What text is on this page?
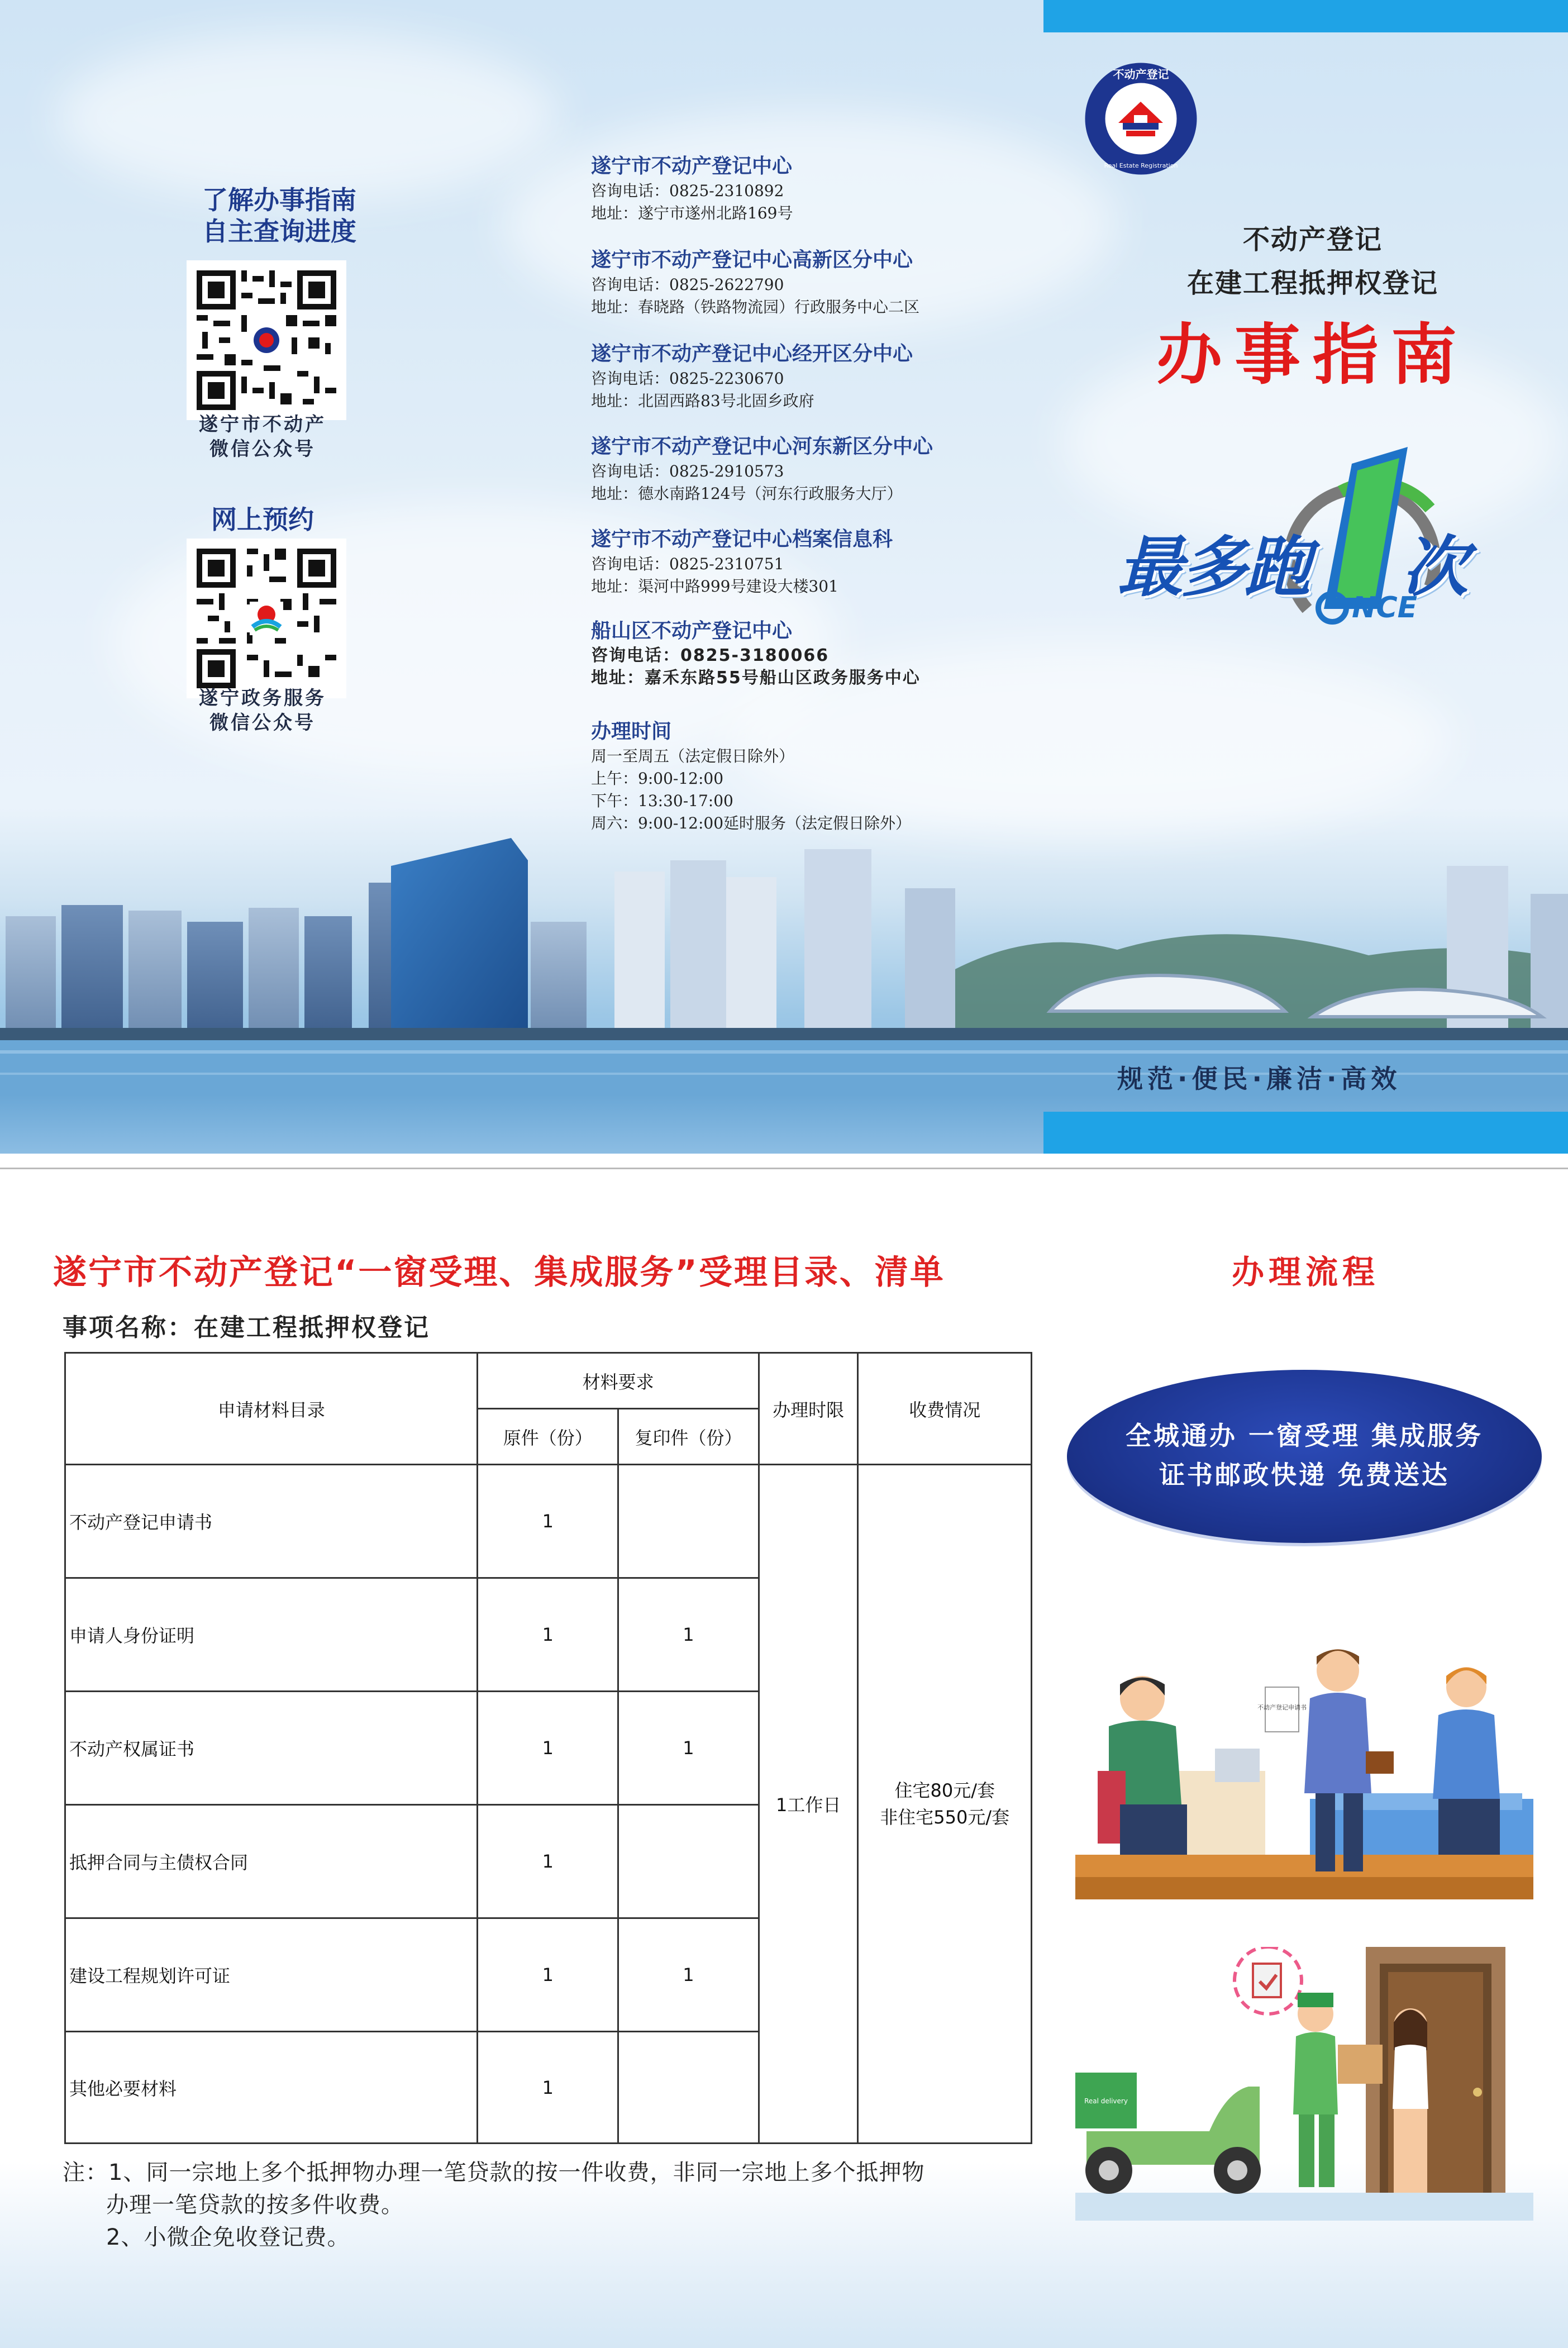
了解办事指南
自主查询进度
遂宁市不动产
微信公众号
网上预约
遂宁政务服务
微信公众号
遂宁市不动产登记中心
咨询电话：0825-2310892
地址：遂宁市遂州北路169号
遂宁市不动产登记中心高新区分中心
咨询电话：0825-2622790
地址：春晓路（铁路物流园）行政服务中心二区
遂宁市不动产登记中心经开区分中心
咨询电话：0825-2230670
地址：北固西路83号北固乡政府
遂宁市不动产登记中心河东新区分中心
咨询电话：0825-2910573
地址：德水南路124号（河东行政服务大厅）
遂宁市不动产登记中心档案信息科
咨询电话：0825-2310751
地址：渠河中路999号建设大楼301
船山区不动产登记中心
咨询电话：0825-3180066
地址：嘉禾东路55号船山区政务服务中心
办理时间
周一至周五（法定假日除外）
上午：9:00-12:00
下午：13:30-17:00
周六：9:00-12:00延时服务（法定假日除外）
不动产登记
Real Estate Registration
不动产登记
在建工程抵押权登记
办事指南
最多跑 次
NCE
规范·便民·廉洁·高效
遂宁市不动产登记“一窗受理、集成服务”受理目录、清单
事项名称：在建工程抵押权登记
申请材料目录	材料要求		办理时限	收费情况
	原件（份）	复印件（份）		
不动产登记申请书	1		1工作日	住宅80元/套
非住宅550元/套

申请人身份证明	1	1		
不动产权属证书	1	1		
抵押合同与主债权合同	1			
建设工程规划许可证	1	1		
其他必要材料	1			
注：1、同一宗地上多个抵押物办理一笔贷款的按一件收费，非同一宗地上多个抵押物
办理一笔贷款的按多件收费。
2、小微企免收登记费。
办理流程
全城通办 一窗受理 集成服务
证书邮政快递 免费送达
不动产登记申请书
Real delivery
